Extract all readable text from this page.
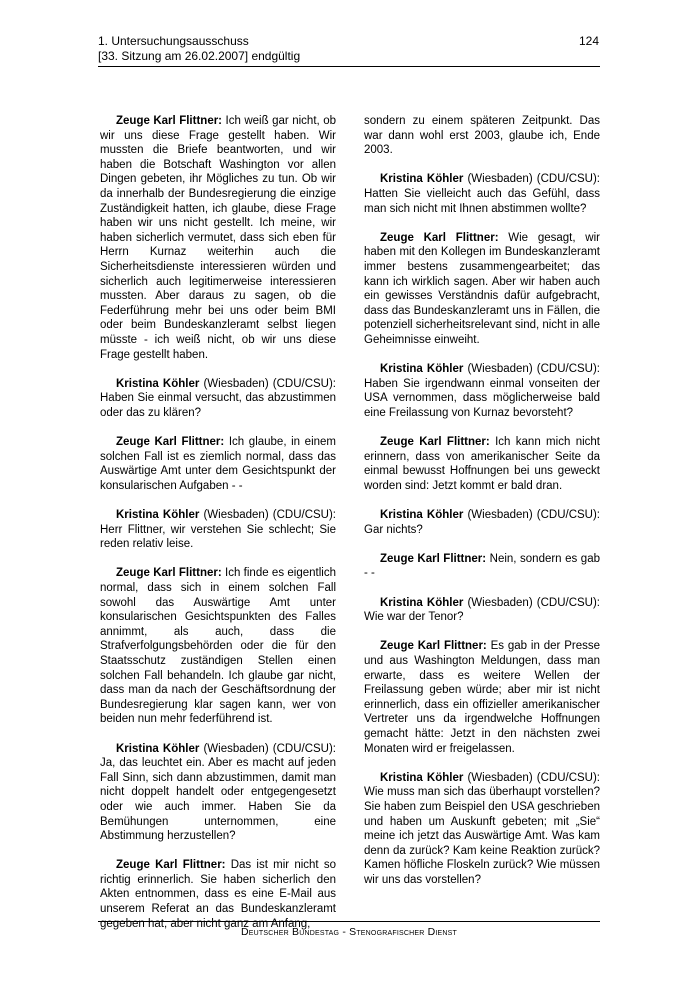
1. Untersuchungsausschuss
[33. Sitzung am 26.02.2007] endgültig
124

Zeuge Karl Flittner: Ich weiß gar nicht, ob wir uns diese Frage gestellt haben. Wir mussten die Briefe beantworten, und wir haben die Botschaft Washington vor allen Dingen gebeten, ihr Mögliches zu tun. Ob wir da innerhalb der Bundesregierung die einzige Zuständigkeit hatten, ich glaube, diese Frage haben wir uns nicht gestellt. Ich meine, wir haben sicherlich vermutet, dass sich eben für Herrn Kurnaz weiterhin auch die Sicherheitsdienste interessieren würden und sicherlich auch legitimerweise interessieren mussten. Aber daraus zu sagen, ob die Federführung mehr bei uns oder beim BMI oder beim Bundeskanzleramt selbst liegen müsste - ich weiß nicht, ob wir uns diese Frage gestellt haben.

Kristina Köhler (Wiesbaden) (CDU/CSU): Haben Sie einmal versucht, das abzustimmen oder das zu klären?

Zeuge Karl Flittner: Ich glaube, in einem solchen Fall ist es ziemlich normal, dass das Auswärtige Amt unter dem Gesichtspunkt der konsularischen Aufgaben - -

Kristina Köhler (Wiesbaden) (CDU/CSU): Herr Flittner, wir verstehen Sie schlecht; Sie reden relativ leise.

Zeuge Karl Flittner: Ich finde es eigentlich normal, dass sich in einem solchen Fall sowohl das Auswärtige Amt unter konsularischen Gesichtspunkten des Falles annimmt, als auch, dass die Strafverfolgungsbehörden oder die für den Staatsschutz zuständigen Stellen einen solchen Fall behandeln. Ich glaube gar nicht, dass man da nach der Geschäftsordnung der Bundesregierung klar sagen kann, wer von beiden nun mehr federführend ist.

Kristina Köhler (Wiesbaden) (CDU/CSU): Ja, das leuchtet ein. Aber es macht auf jeden Fall Sinn, sich dann abzustimmen, damit man nicht doppelt handelt oder entgegengesetzt oder wie auch immer. Haben Sie da Bemühungen unternommen, eine Abstimmung herzustellen?

Zeuge Karl Flittner: Das ist mir nicht so richtig erinnerlich. Sie haben sicherlich den Akten entnommen, dass es eine E-Mail aus unserem Referat an das Bundeskanzleramt gegeben hat, aber nicht ganz am Anfang,

sondern zu einem späteren Zeitpunkt. Das war dann wohl erst 2003, glaube ich, Ende 2003.

Kristina Köhler (Wiesbaden) (CDU/CSU): Hatten Sie vielleicht auch das Gefühl, dass man sich nicht mit Ihnen abstimmen wollte?

Zeuge Karl Flittner: Wie gesagt, wir haben mit den Kollegen im Bundeskanzleramt immer bestens zusammengearbeitet; das kann ich wirklich sagen. Aber wir haben auch ein gewisses Verständnis dafür aufgebracht, dass das Bundeskanzleramt uns in Fällen, die potenziell sicherheitsrelevant sind, nicht in alle Geheimnisse einweiht.

Kristina Köhler (Wiesbaden) (CDU/CSU): Haben Sie irgendwann einmal vonseiten der USA vernommen, dass möglicherweise bald eine Freilassung von Kurnaz bevorsteht?

Zeuge Karl Flittner: Ich kann mich nicht erinnern, dass von amerikanischer Seite da einmal bewusst Hoffnungen bei uns geweckt worden sind: Jetzt kommt er bald dran.

Kristina Köhler (Wiesbaden) (CDU/CSU): Gar nichts?

Zeuge Karl Flittner: Nein, sondern es gab - -

Kristina Köhler (Wiesbaden) (CDU/CSU): Wie war der Tenor?

Zeuge Karl Flittner: Es gab in der Presse und aus Washington Meldungen, dass man erwarte, dass es weitere Wellen der Freilassung geben würde; aber mir ist nicht erinnerlich, dass ein offizieller amerikanischer Vertreter uns da irgendwelche Hoffnungen gemacht hätte: Jetzt in den nächsten zwei Monaten wird er freigelassen.

Kristina Köhler (Wiesbaden) (CDU/CSU): Wie muss man sich das überhaupt vorstellen? Sie haben zum Beispiel den USA geschrieben und haben um Auskunft gebeten; mit „Sie“ meine ich jetzt das Auswärtige Amt. Was kam denn da zurück? Kam keine Reaktion zurück? Kamen höfliche Floskeln zurück? Wie müssen wir uns das vorstellen?

Deutscher Bundestag - Stenografischer Dienst
